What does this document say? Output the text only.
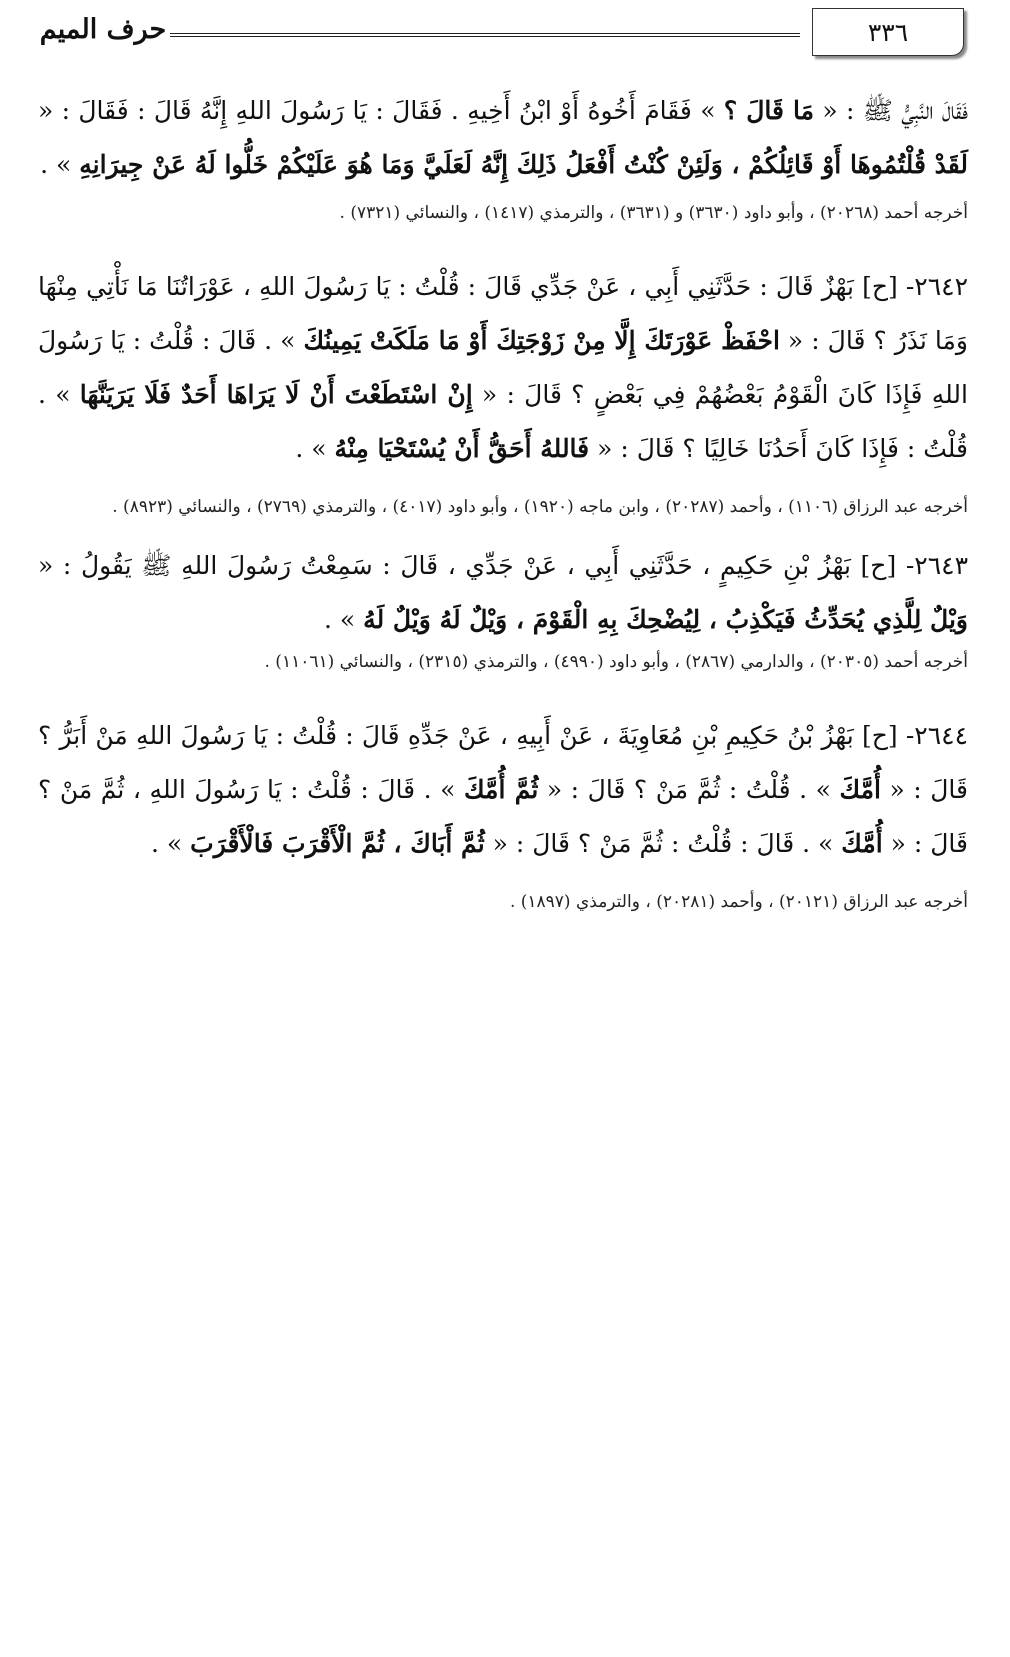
٣٣٦
حرف الميم

فَقَالَ النَّبِيُّ ﷺ : « مَا قَالَ ؟ » فَقَامَ أَخُوهُ أَوْ ابْنُ أَخِيهِ . فَقَالَ : يَا رَسُولَ اللهِ إِنَّهُ قَالَ : فَقَالَ : « لَقَدْ قُلْتُمُوهَا أَوْ قَائِلُكُمْ ، وَلَئِنْ كُنْتُ أَفْعَلُ ذَلِكَ إِنَّهُ لَعَلَيَّ وَمَا هُوَ عَلَيْكُمْ خَلُّوا لَهُ عَنْ جِيرَانِهِ » .

أخرجه أحمد (٢٠٢٦٨) ، وأبو داود (٣٦٣٠) و (٣٦٣١) ، والترمذي (١٤١٧) ، والنسائي (٧٣٢١) .

٢٦٤٢- [ح] بَهْزٌ قَالَ : حَدَّثَنِي أَبِي ، عَنْ جَدِّي قَالَ : قُلْتُ : يَا رَسُولَ اللهِ ، عَوْرَاتُنَا مَا نَأْتِي مِنْهَا وَمَا نَذَرُ ؟ قَالَ : « احْفَظْ عَوْرَتَكَ إِلَّا مِنْ زَوْجَتِكَ أَوْ مَا مَلَكَتْ يَمِينُكَ » . قَالَ : قُلْتُ : يَا رَسُولَ اللهِ فَإِذَا كَانَ الْقَوْمُ بَعْضُهُمْ فِي بَعْضٍ ؟ قَالَ : « إِنْ اسْتَطَعْتَ أَنْ لَا يَرَاهَا أَحَدٌ فَلَا يَرَيَنَّهَا » . قُلْتُ : فَإِذَا كَانَ أَحَدُنَا خَالِيًا ؟ قَالَ : « فَاللهُ أَحَقُّ أَنْ يُسْتَحْيَا مِنْهُ » .

أخرجه عبد الرزاق (١١٠٦) ، وأحمد (٢٠٢٨٧) ، وابن ماجه (١٩٢٠) ، وأبو داود (٤٠١٧) ، والترمذي (٢٧٦٩) ، والنسائي (٨٩٢٣) .

٢٦٤٣- [ح] بَهْزُ بْنِ حَكِيمٍ ، حَدَّثَنِي أَبِي ، عَنْ جَدِّي ، قَالَ : سَمِعْتُ رَسُولَ اللهِ ﷺ يَقُولُ : « وَيْلٌ لِلَّذِي يُحَدِّثُ فَيَكْذِبُ ، لِيُضْحِكَ بِهِ الْقَوْمَ ، وَيْلٌ لَهُ وَيْلٌ لَهُ » .

أخرجه أحمد (٢٠٣٠٥) ، والدارمي (٢٨٦٧) ، وأبو داود (٤٩٩٠) ، والترمذي (٢٣١٥) ، والنسائي (١١٠٦١) .

٢٦٤٤- [ح] بَهْزُ بْنُ حَكِيمِ بْنِ مُعَاوِيَةَ ، عَنْ أَبِيهِ ، عَنْ جَدِّهِ قَالَ : قُلْتُ : يَا رَسُولَ اللهِ مَنْ أَبَرُّ ؟ قَالَ : « أُمَّكَ » . قُلْتُ : ثُمَّ مَنْ ؟ قَالَ : « ثُمَّ أُمَّكَ » . قَالَ : قُلْتُ : يَا رَسُولَ اللهِ ، ثُمَّ مَنْ ؟ قَالَ : « أُمَّكَ » . قَالَ : قُلْتُ : ثُمَّ مَنْ ؟ قَالَ : « ثُمَّ أَبَاكَ ، ثُمَّ الْأَقْرَبَ فَالْأَقْرَبَ » .

أخرجه عبد الرزاق (٢٠١٢١) ، وأحمد (٢٠٢٨١) ، والترمذي (١٨٩٧) .
